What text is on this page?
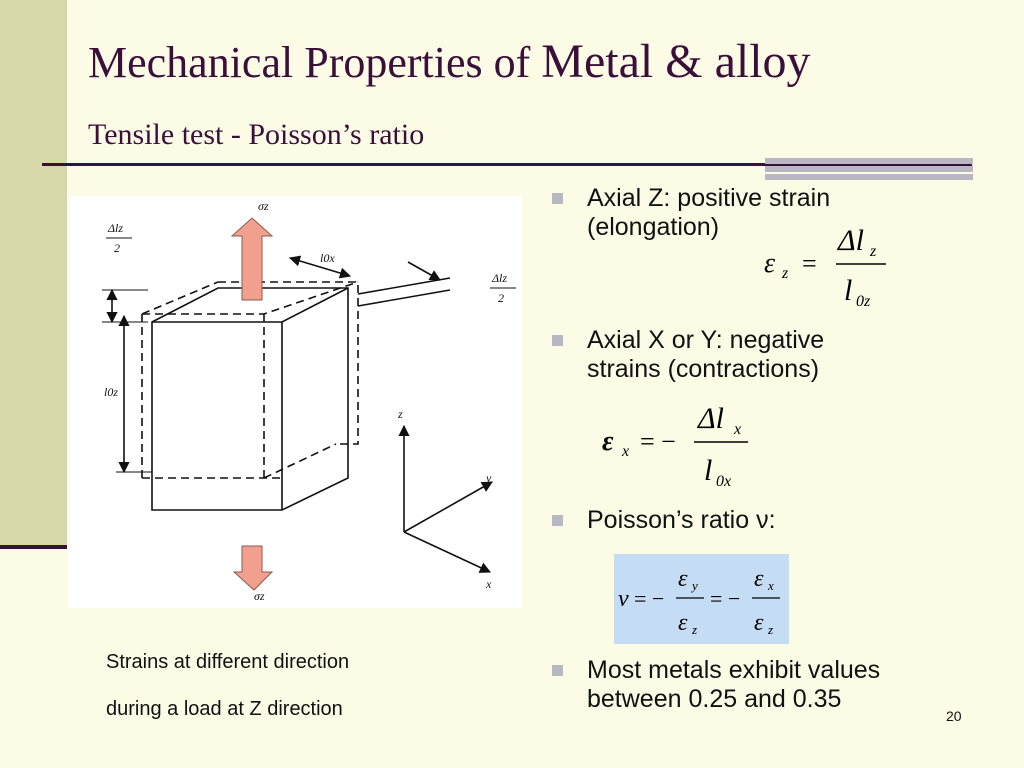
Mechanical Properties of Metal & alloy
Tensile test - Poisson’s ratio
σz
σz
Δlz
2
Δlz
2
l0x
l0z
z
y
x
Strains at different direction
during a load at Z direction
Axial Z: positive strain
(elongation)
Axial X or Y: negative
strains (contractions)
Poisson’s ratio ν:
Most metals exhibit values
between 0.25 and 0.35
ε z =
Δl z
l 0z
ε x = −
Δl x
l 0x
ν = −
ε y
ε z
= −
ε x
ε z
20
